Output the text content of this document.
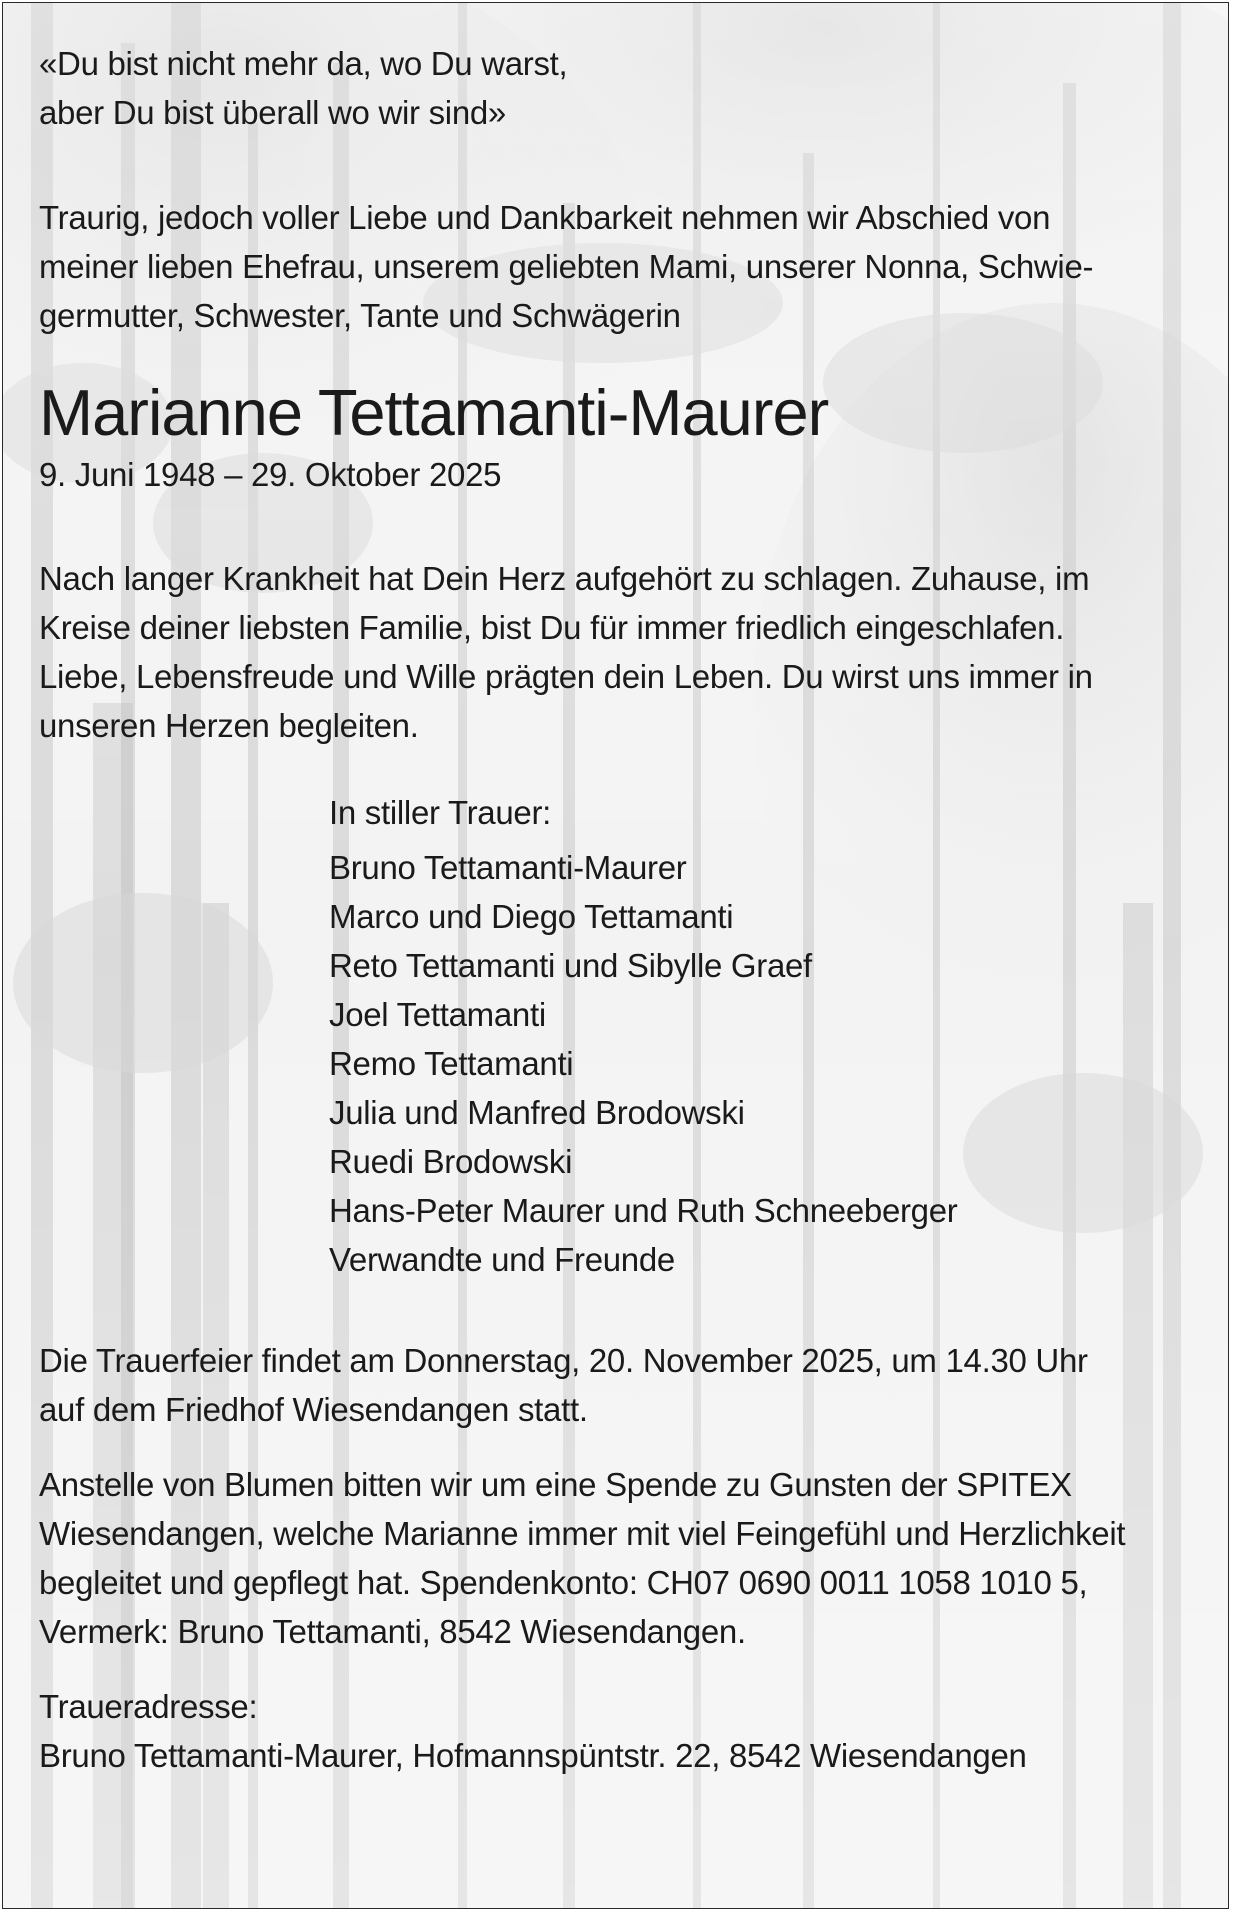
«Du bist nicht mehr da, wo Du warst,
aber Du bist überall wo wir sind»

Traurig, jedoch voller Liebe und Dankbarkeit nehmen wir Abschied von
meiner lieben Ehefrau, unserem geliebten Mami, unserer Nonna, Schwie-
germutter, Schwester, Tante und Schwägerin

Marianne Tettamanti-Maurer

9. Juni 1948 – 29. Oktober 2025

Nach langer Krankheit hat Dein Herz aufgehört zu schlagen. Zuhause, im
Kreise deiner liebsten Familie, bist Du für immer friedlich eingeschlafen.
Liebe, Lebensfreude und Wille prägten dein Leben. Du wirst uns immer in
unseren Herzen begleiten.

In stiller Trauer:
Bruno Tettamanti-Maurer
Marco und Diego Tettamanti
Reto Tettamanti und Sibylle Graef
Joel Tettamanti
Remo Tettamanti
Julia und Manfred Brodowski
Ruedi Brodowski
Hans-Peter Maurer und Ruth Schneeberger
Verwandte und Freunde

Die Trauerfeier findet am Donnerstag, 20. November 2025, um 14.30 Uhr
auf dem Friedhof Wiesendangen statt.

Anstelle von Blumen bitten wir um eine Spende zu Gunsten der SPITEX
Wiesendangen, welche Marianne immer mit viel Feingefühl und Herzlichkeit
begleitet und gepflegt hat. Spendenkonto: CH07 0690 0011 1058 1010 5,
Vermerk: Bruno Tettamanti, 8542 Wiesendangen.

Traueradresse:
Bruno Tettamanti-Maurer, Hofmannspüntstr. 22, 8542 Wiesendangen
